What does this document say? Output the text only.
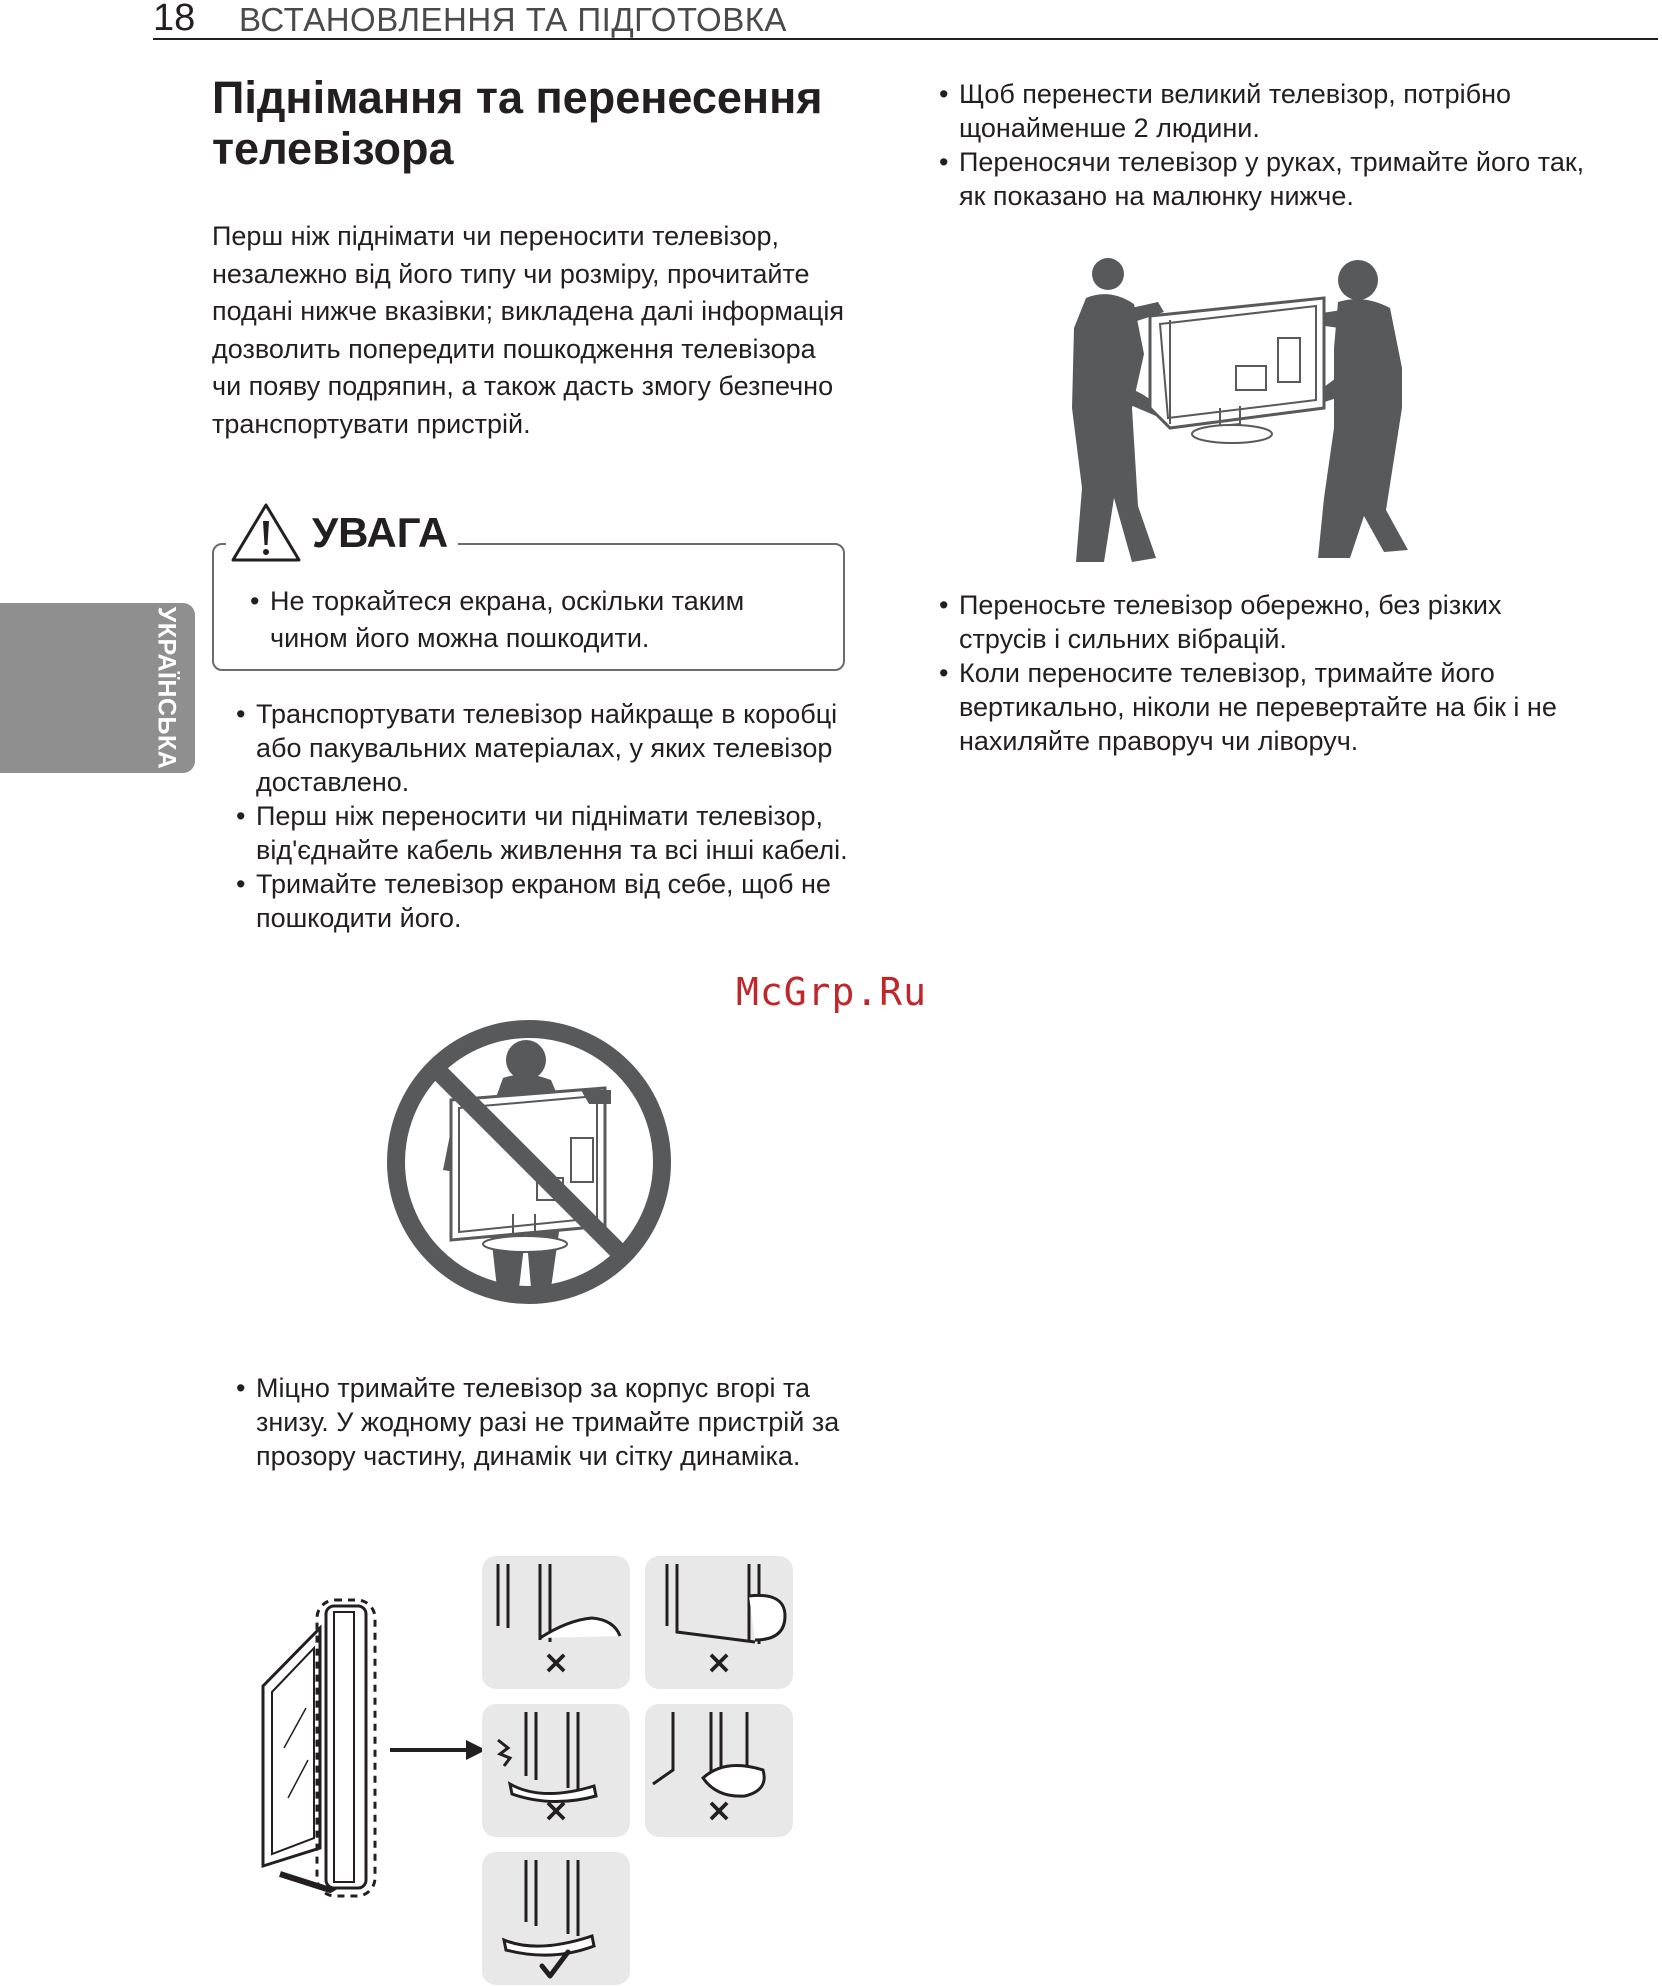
18 ВСТАНОВЛЕННЯ ТА ПІДГОТОВКА
УКРАЇНСЬКА
Піднімання та перенесення телевізора
Перш ніж піднімати чи переносити телевізор, незалежно від його типу чи розміру, прочитайте подані нижче вказівки; викладена далі інформація дозволить попередити пошкодження телевізора чи появу подряпин, а також дасть змогу безпечно транспортувати пристрій.
УВАГА
• Не торкайтеся екрана, оскільки таким чином його можна пошкодити.
• Транспортувати телевізор найкраще в коробці або пакувальних матеріалах, у яких телевізор доставлено.
• Перш ніж переносити чи піднімати телевізор, від'єднайте кабель живлення та всі інші кабелі.
• Тримайте телевізор екраном від себе, щоб не пошкодити його.
McGrp.Ru
• Міцно тримайте телевізор за корпус вгорі та знизу. У жодному разі не тримайте пристрій за прозору частину, динамік чи сітку динаміка.
×	×
×	×
• Щоб перенести великий телевізор, потрібно щонайменше 2 людини.
• Переносячи телевізор у руках, тримайте його так, як показано на малюнку нижче.
• Переносьте телевізор обережно, без різких струсів і сильних вібрацій.
• Коли переносите телевізор, тримайте його вертикально, ніколи не перевертайте на бік і не нахиляйте праворуч чи ліворуч.
